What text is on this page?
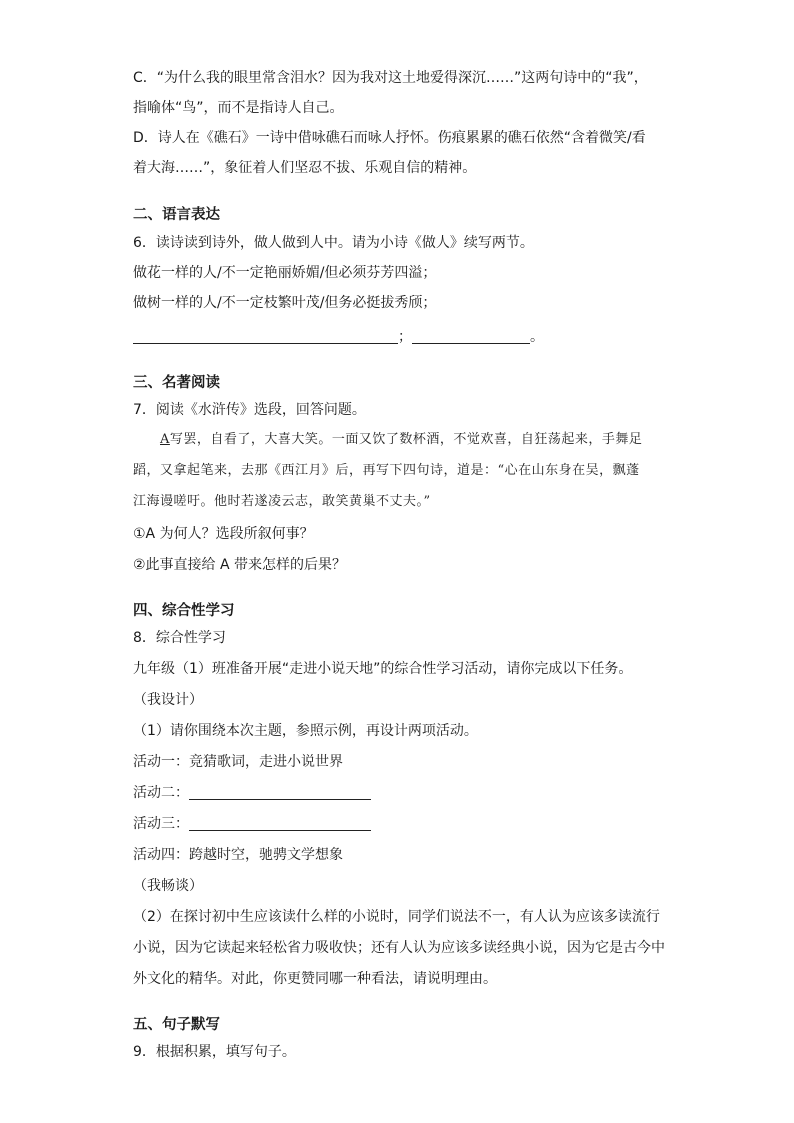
C．“为什么我的眼里常含泪水？因为我对这土地爱得深沉……”这两句诗中的“我”，

指喻体“鸟”，而不是指诗人自己。

D．诗人在《礁石》一诗中借咏礁石而咏人抒怀。伤痕累累的礁石依然“含着微笑/看

着大海……”，象征着人们坚忍不拔、乐观自信的精神。

二、语言表达

6．读诗读到诗外，做人做到人中。请为小诗《做人》续写两节。

做花一样的人/不一定艳丽娇媚/但必须芬芳四溢；

做树一样的人/不一定枝繁叶茂/但务必挺拔秀颀；

；	。

三、名著阅读

7．阅读《水浒传》选段，回答问题。

A写罢，自看了，大喜大笑。一面又饮了数杯酒，不觉欢喜，自狂荡起来，手舞足

蹈，又拿起笔来，去那《西江月》后，再写下四句诗，道是：“心在山东身在吴，飘蓬

江海谩嗟吁。他时若遂凌云志，敢笑黄巢不丈夫。”

①A 为何人？选段所叙何事？

②此事直接给 A 带来怎样的后果？

四、综合性学习

8．综合性学习

九年级（1）班准备开展“走进小说天地”的综合性学习活动，请你完成以下任务。

（我设计）

（1）请你围绕本次主题，参照示例，再设计两项活动。

活动一：竞猜歌词，走进小说世界

活动二：

活动三：

活动四：跨越时空，驰骋文学想象

（我畅谈）

（2）在探讨初中生应该读什么样的小说时，同学们说法不一，有人认为应该多读流行

小说，因为它读起来轻松省力吸收快；还有人认为应该多读经典小说，因为它是古今中

外文化的精华。对此，你更赞同哪一种看法，请说明理由。

五、句子默写

9．根据积累，填写句子。
